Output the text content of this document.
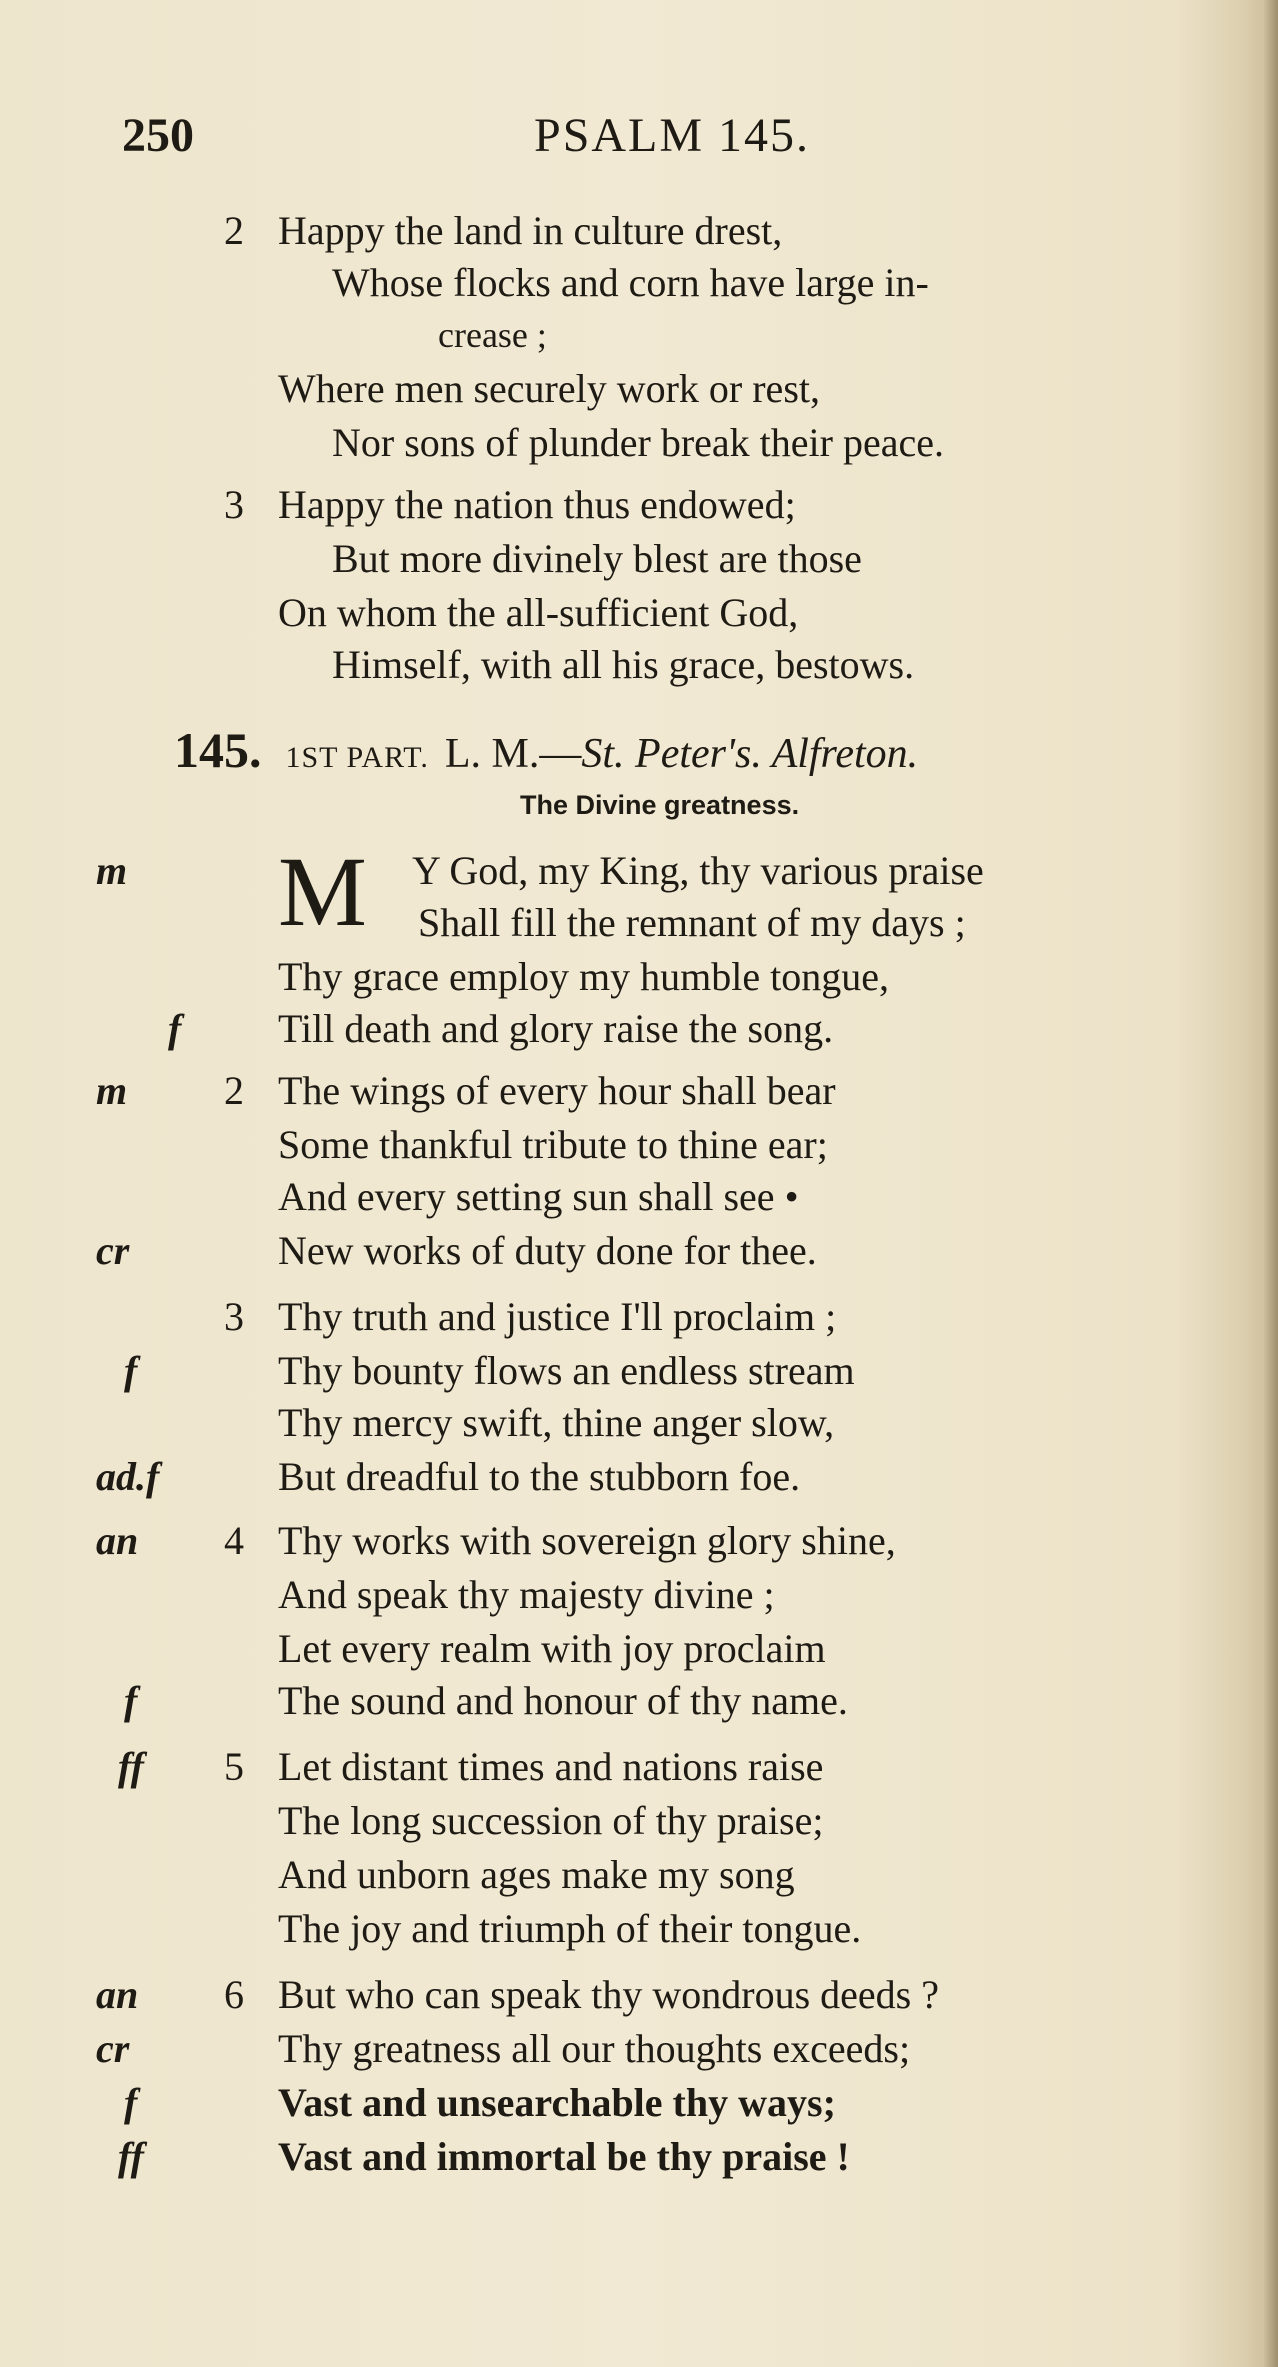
250	PSALM 145.
2 Happy the land in culture drest,
Whose flocks and corn have large in-
crease ;
Where men securely work or rest,
Nor sons of plunder break their peace.
3 Happy the nation thus endowed;
But more divinely blest are those
On whom the all-sufficient God,
Himself, with all his grace, bestows.
145. 1ST PART. L. M.—St. Peter's. Alfreton.
The Divine greatness.
M
m	Y God, my King, thy various praise
Shall fill the remnant of my days ;
Thy grace employ my humble tongue,
f Till death and glory raise the song.
m 2 The wings of every hour shall bear
Some thankful tribute to thine ear;
And every setting sun shall see •
cr	New works of duty done for thee.
3 Thy truth and justice I'll proclaim ;
f	Thy bounty flows an endless stream
Thy mercy swift, thine anger slow,
ad.f	But dreadful to the stubborn foe.
an 4 Thy works with sovereign glory shine,
And speak thy majesty divine ;
Let every realm with joy proclaim
f	The sound and honour of thy name.
ff 5 Let distant times and nations raise
The long succession of thy praise;
And unborn ages make my song
The joy and triumph of their tongue.
an 6 But who can speak thy wondrous deeds ?
cr	Thy greatness all our thoughts exceeds;
f	Vast and unsearchable thy ways;
ff	Vast and immortal be thy praise !
